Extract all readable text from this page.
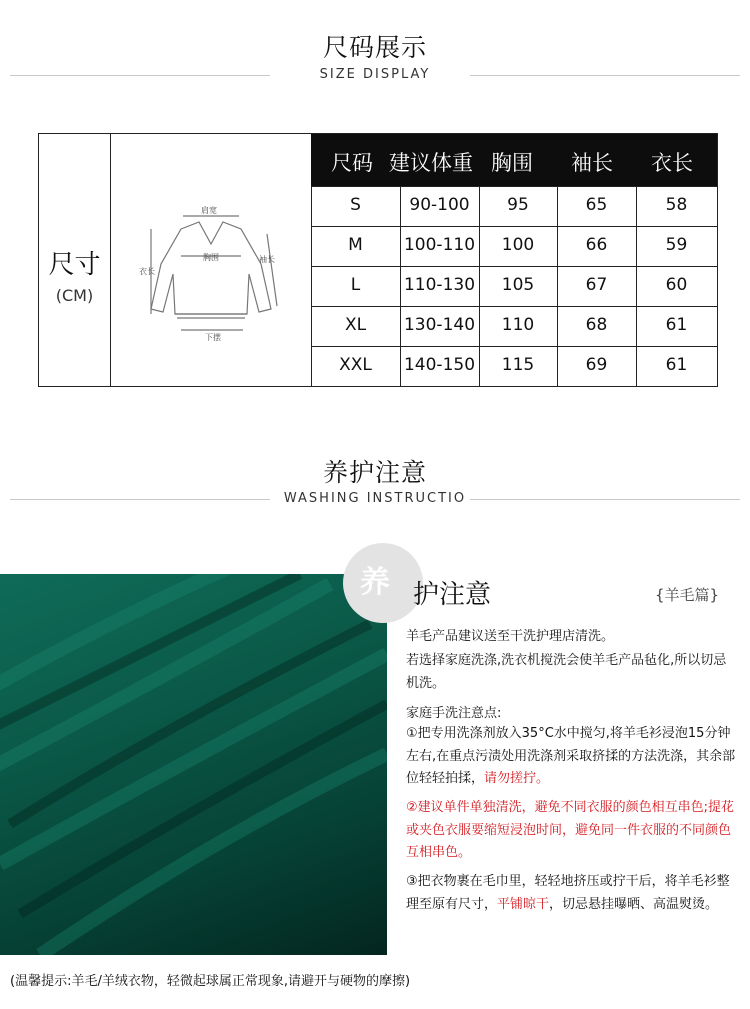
尺码展示
SIZE DISPLAY
尺寸
(CM)
肩宽
胸围
衣长
袖长
下摆
尺码 建议体重 胸围 袖长 衣长
S	90-100	95	65	58
M	100-110	100	66	59
L	110-130	105	67	60
XL	130-140	110	68	61
XXL	140-150	115	69	61
养护注意
WASHING INSTRUCTIO
养 护注意	{羊毛篇}
羊毛产品建议送至干洗护理店清洗。
若选择家庭洗涤,洗衣机搅洗会使羊毛产品毡化,所以切忌机洗。
家庭手洗注意点:
①把专用洗涤剂放入35°C水中搅匀,将羊毛衫浸泡15分钟左右,在重点污渍处用洗涤剂采取挤揉的方法洗涤，其余部位轻轻拍揉，请勿搓拧。
②建议单件单独清洗，避免不同衣服的颜色相互串色;提花或夹色衣服要缩短浸泡时间，避免同一件衣服的不同颜色互相串色。
③把衣物裹在毛巾里，轻轻地挤压或拧干后，将羊毛衫整理至原有尺寸，平铺晾干，切忌悬挂曝晒、高温熨烫。
(温馨提示:羊毛/羊绒衣物，轻微起球属正常现象,请避开与硬物的摩擦)
